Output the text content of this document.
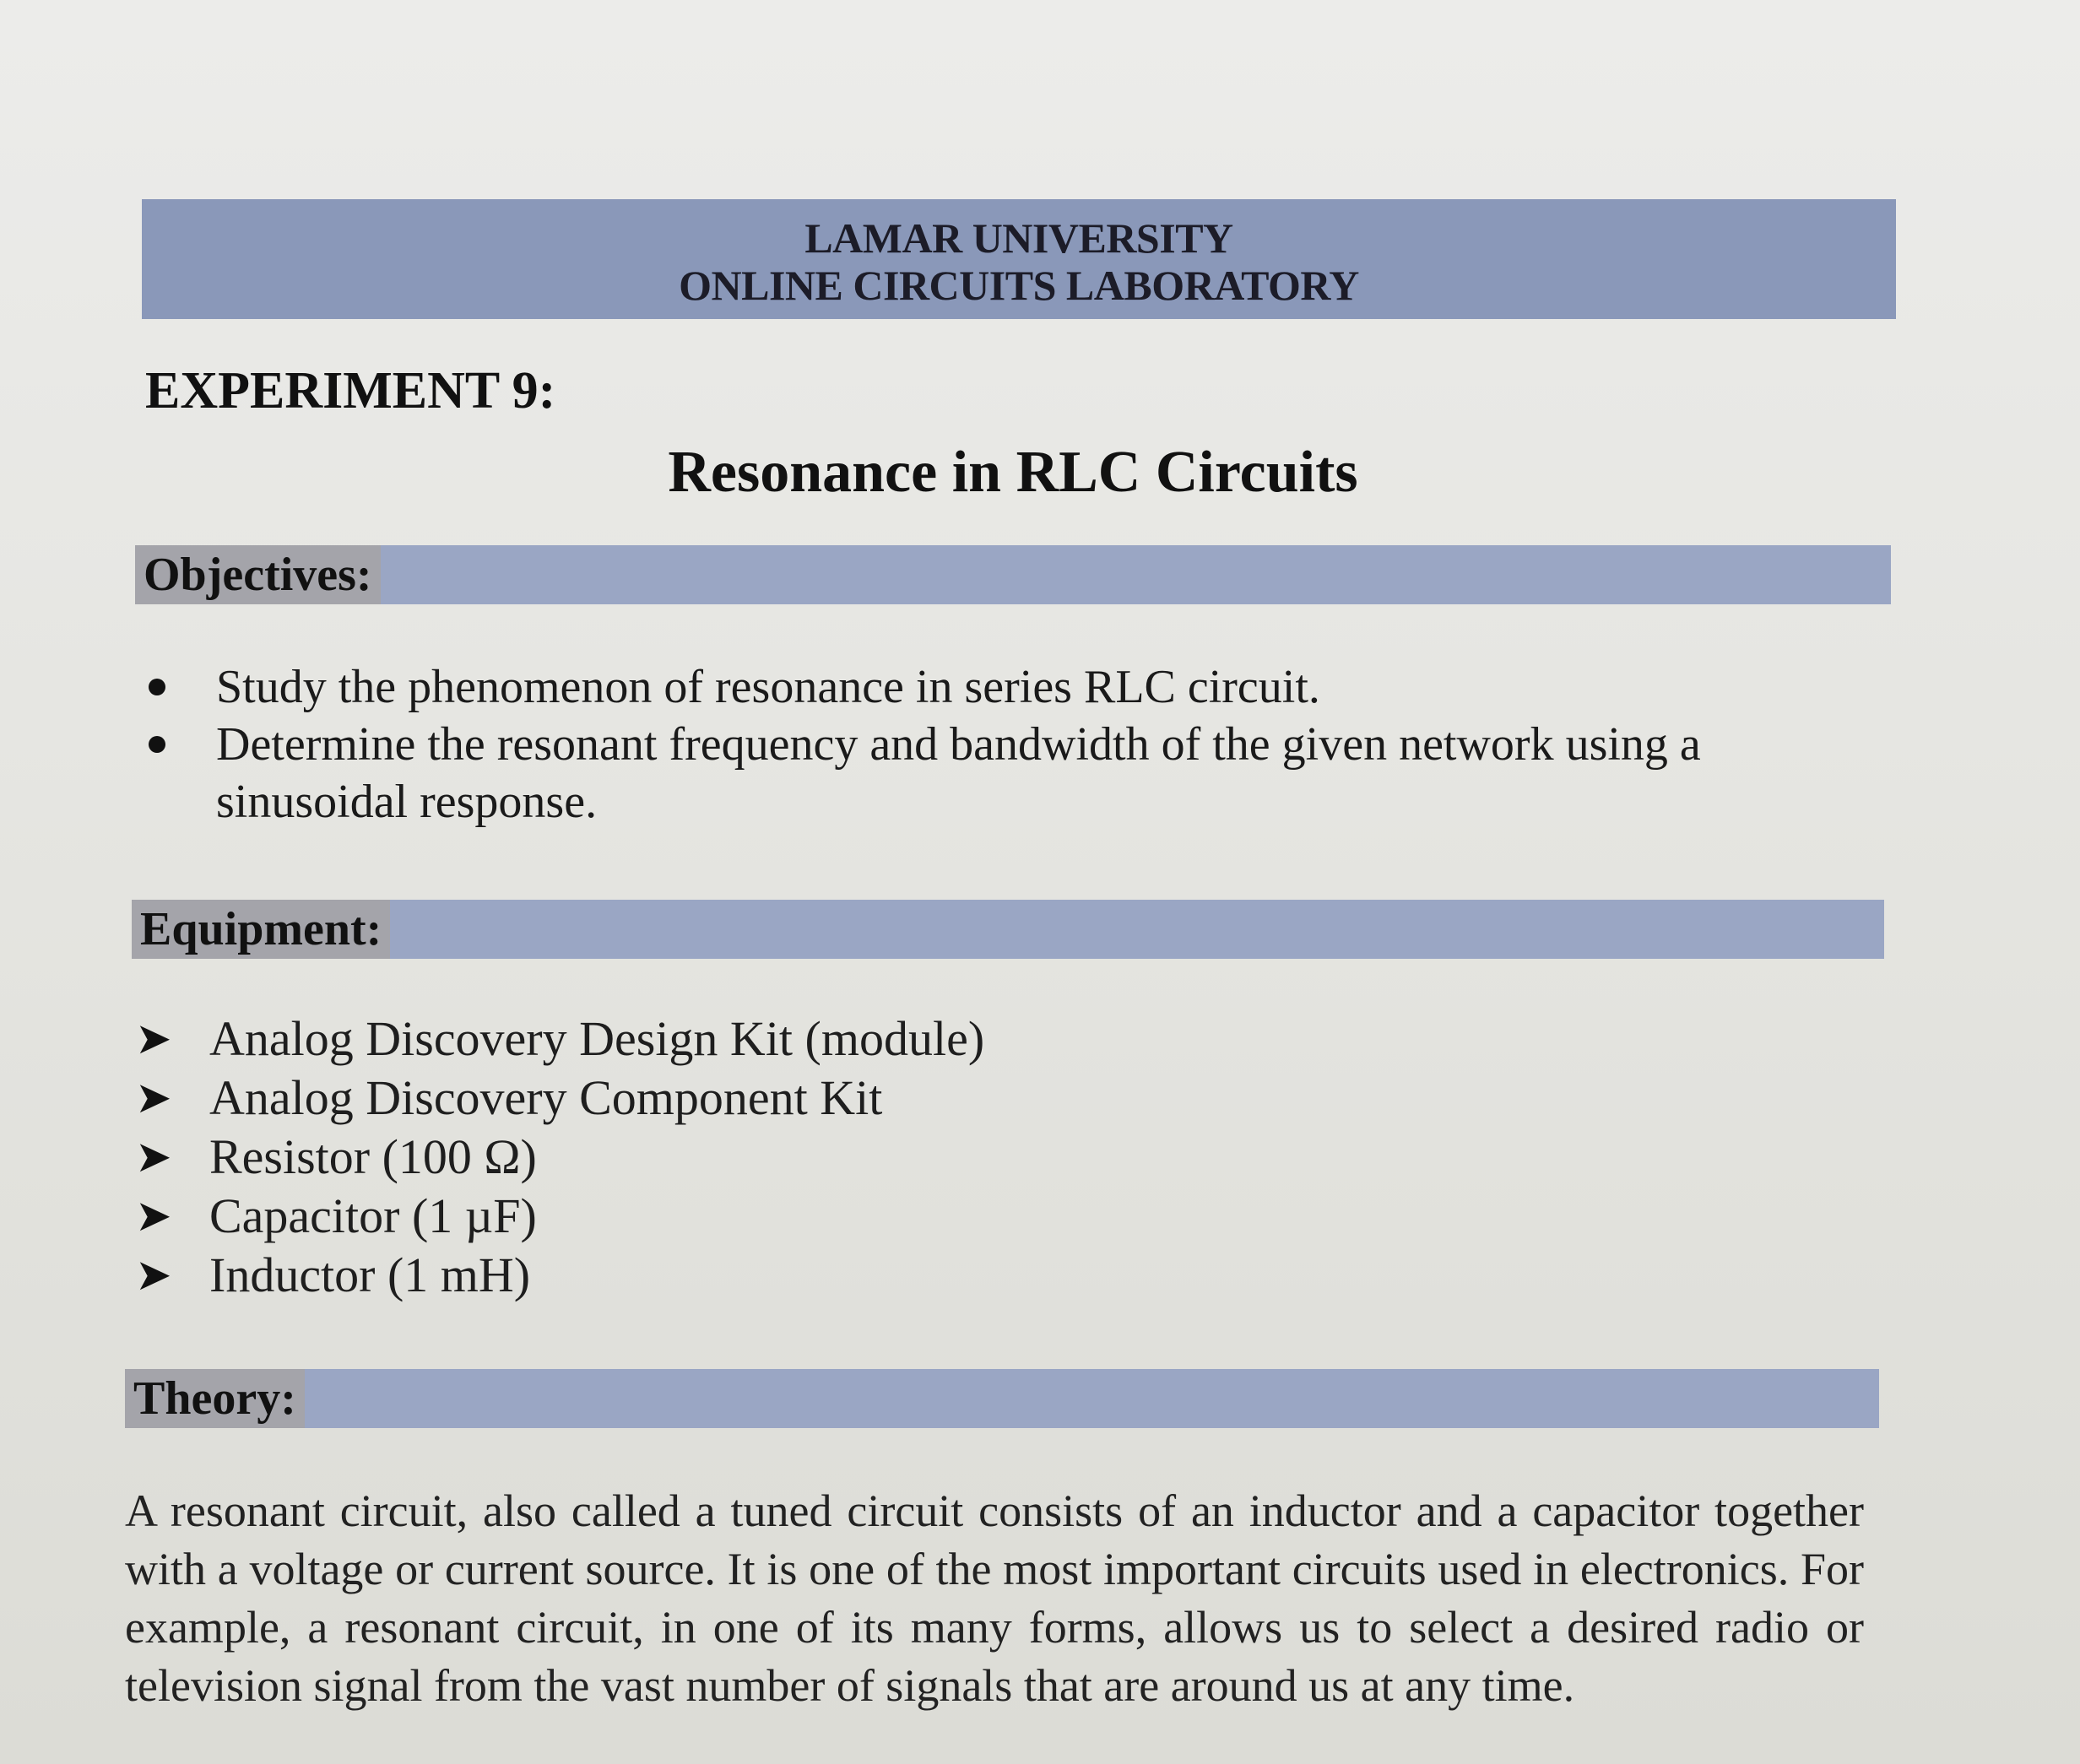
LAMAR UNIVERSITY
ONLINE CIRCUITS LABORATORY
EXPERIMENT 9:
Resonance in RLC Circuits
Objectives:
Study the phenomenon of resonance in series RLC circuit.
Determine the resonant frequency and bandwidth of the given network using a sinusoidal response.
Equipment:
➤ Analog Discovery Design Kit (module)
➤ Analog Discovery Component Kit
➤ Resistor (100 Ω)
➤ Capacitor (1 µF)
➤ Inductor (1 mH)
Theory:
A resonant circuit, also called a tuned circuit consists of an inductor and a capacitor together with a voltage or current source. It is one of the most important circuits used in electronics. For example, a resonant circuit, in one of its many forms, allows us to select a desired radio or television signal from the vast number of signals that are around us at any time.
